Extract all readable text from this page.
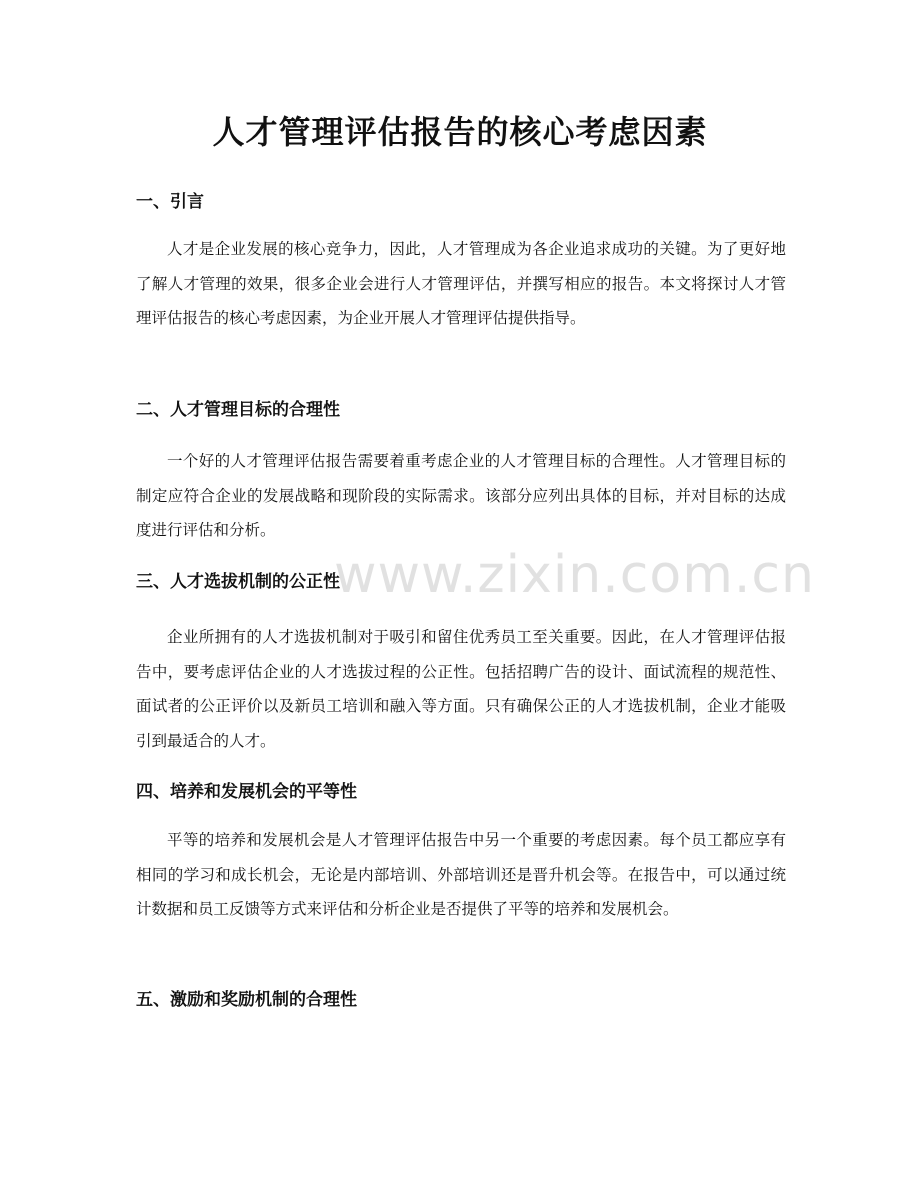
人才管理评估报告的核心考虑因素
一、引言

人才是企业发展的核心竞争力，因此，人才管理成为各企业追求成功的关键。为了更好地了解人才管理的效果，很多企业会进行人才管理评估，并撰写相应的报告。本文将探讨人才管理评估报告的核心考虑因素，为企业开展人才管理评估提供指导。

二、人才管理目标的合理性

一个好的人才管理评估报告需要着重考虑企业的人才管理目标的合理性。人才管理目标的制定应符合企业的发展战略和现阶段的实际需求。该部分应列出具体的目标，并对目标的达成度进行评估和分析。

三、人才选拔机制的公正性

企业所拥有的人才选拔机制对于吸引和留住优秀员工至关重要。因此，在人才管理评估报告中，要考虑评估企业的人才选拔过程的公正性。包括招聘广告的设计、面试流程的规范性、面试者的公正评价以及新员工培训和融入等方面。只有确保公正的人才选拔机制，企业才能吸引到最适合的人才。

四、培养和发展机会的平等性

平等的培养和发展机会是人才管理评估报告中另一个重要的考虑因素。每个员工都应享有相同的学习和成长机会，无论是内部培训、外部培训还是晋升机会等。在报告中，可以通过统计数据和员工反馈等方式来评估和分析企业是否提供了平等的培养和发展机会。

五、激励和奖励机制的合理性
www.zixin.com.cn
